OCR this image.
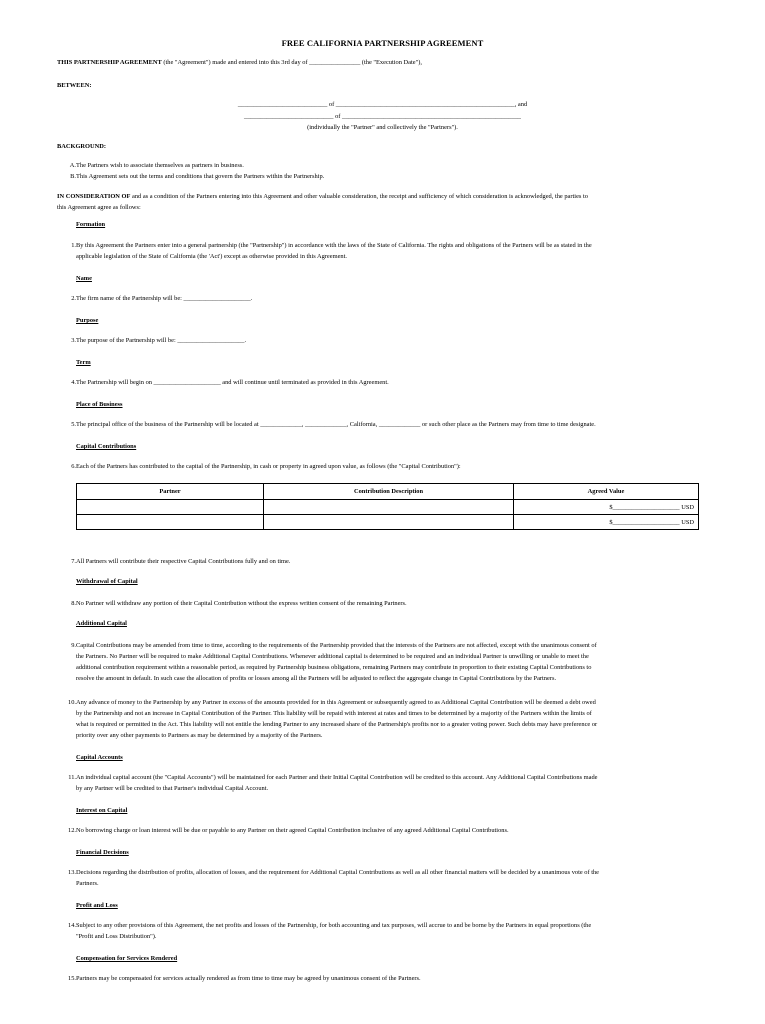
FREE CALIFORNIA PARTNERSHIP AGREEMENT
THIS PARTNERSHIP AGREEMENT (the "Agreement") made and entered into this 3rd day of ________________ (the "Execution Date"),
BETWEEN:
____________________________ of ________________________________________________________, and
____________________________ of ________________________________________________________
(individually the "Partner" and collectively the "Partners").
BACKGROUND:
A. The Partners wish to associate themselves as partners in business.
B. This Agreement sets out the terms and conditions that govern the Partners within the Partnership.
IN CONSIDERATION OF and as a condition of the Partners entering into this Agreement and other valuable consideration, the receipt and sufficiency of which consideration is acknowledged, the parties to
this Agreement agree as follows:
Formation
1. By this Agreement the Partners enter into a general partnership (the "Partnership") in accordance with the laws of the State of California. The rights and obligations of the Partners will be as stated in the
applicable legislation of the State of California (the 'Act') except as otherwise provided in this Agreement.
Name
2. The firm name of the Partnership will be: _____________________.
Purpose
3. The purpose of the Partnership will be: _____________________.
Term
4. The Partnership will begin on _____________________ and will continue until terminated as provided in this Agreement.
Place of Business
5. The principal office of the business of the Partnership will be located at _____________, _____________, California, _____________ or such other place as the Partners may from time to time designate.
Capital Contributions
6. Each of the Partners has contributed to the capital of the Partnership, in cash or property in agreed upon value, as follows (the "Capital Contribution"):
Partner	Contribution Description	Agreed Value
		$_____________________ USD
		$_____________________ USD
7. All Partners will contribute their respective Capital Contributions fully and on time.
Withdrawal of Capital
8. No Partner will withdraw any portion of their Capital Contribution without the express written consent of the remaining Partners.
Additional Capital
9. Capital Contributions may be amended from time to time, according to the requirements of the Partnership provided that the interests of the Partners are not affected, except with the unanimous consent of
the Partners. No Partner will be required to make Additional Capital Contributions. Whenever additional capital is determined to be required and an individual Partner is unwilling or unable to meet the
additional contribution requirement within a reasonable period, as required by Partnership business obligations, remaining Partners may contribute in proportion to their existing Capital Contributions to
resolve the amount in default. In such case the allocation of profits or losses among all the Partners will be adjusted to reflect the aggregate change in Capital Contributions by the Partners.
10. Any advance of money to the Partnership by any Partner in excess of the amounts provided for in this Agreement or subsequently agreed to as Additional Capital Contribution will be deemed a debt owed
by the Partnership and not an increase in Capital Contribution of the Partner. This liability will be repaid with interest at rates and times to be determined by a majority of the Partners within the limits of
what is required or permitted in the Act. This liability will not entitle the lending Partner to any increased share of the Partnership's profits nor to a greater voting power. Such debts may have preference or
priority over any other payments to Partners as may be determined by a majority of the Partners.
Capital Accounts
11. An individual capital account (the "Capital Accounts") will be maintained for each Partner and their Initial Capital Contribution will be credited to this account. Any Additional Capital Contributions made
by any Partner will be credited to that Partner's individual Capital Account.
Interest on Capital
12. No borrowing charge or loan interest will be due or payable to any Partner on their agreed Capital Contribution inclusive of any agreed Additional Capital Contributions.
Financial Decisions
13. Decisions regarding the distribution of profits, allocation of losses, and the requirement for Additional Capital Contributions as well as all other financial matters will be decided by a unanimous vote of the
Partners.
Profit and Loss
14. Subject to any other provisions of this Agreement, the net profits and losses of the Partnership, for both accounting and tax purposes, will accrue to and be borne by the Partners in equal proportions (the
"Profit and Loss Distribution").
Compensation for Services Rendered
15. Partners may be compensated for services actually rendered as from time to time may be agreed by unanimous consent of the Partners.
